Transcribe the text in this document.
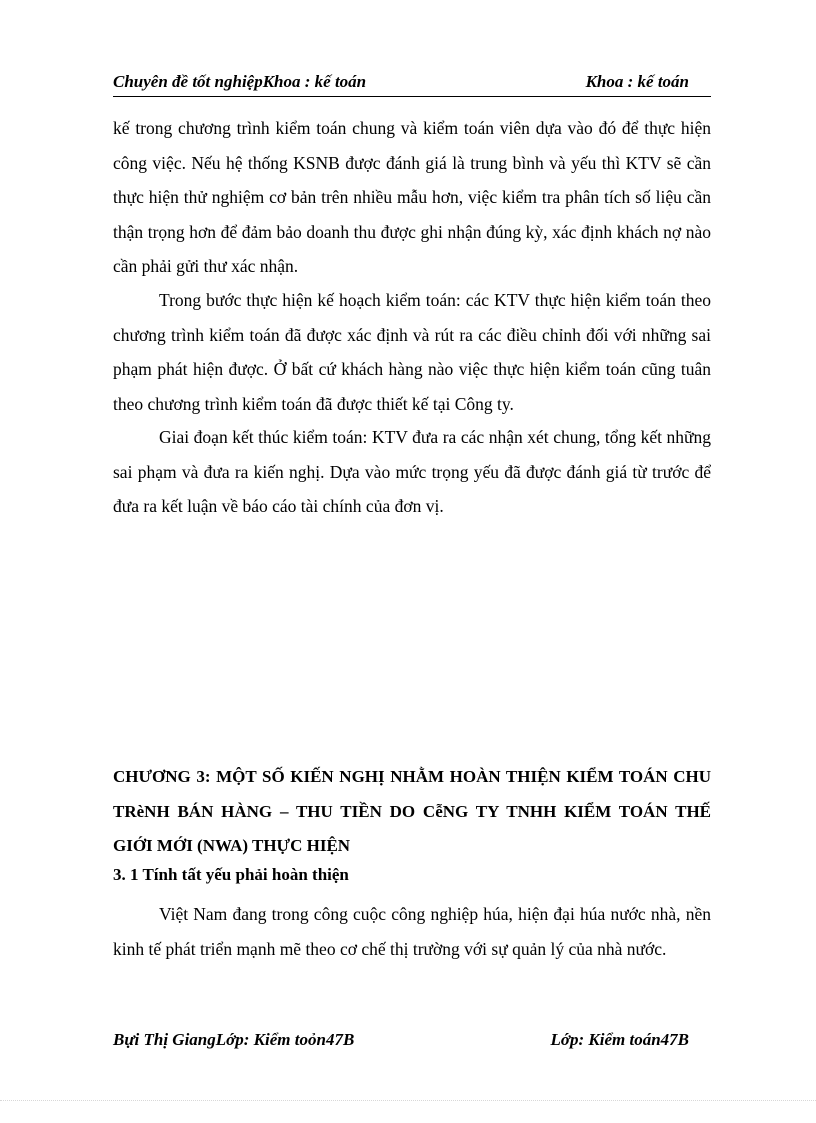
Chuyên đề tốt nghiệpKhoa : kế toán	Khoa : kế toán

kế trong chương trình kiểm toán chung và kiểm toán viên dựa vào đó để thực hiện công việc. Nếu hệ thống KSNB được đánh giá là trung bình và yếu thì KTV sẽ cần thực hiện thử nghiệm cơ bản trên nhiều mẫu hơn, việc kiểm tra phân tích số liệu cần thận trọng hơn để đảm bảo doanh thu được ghi nhận đúng kỳ, xác định khách nợ nào cần phải gửi thư xác nhận.

Trong bước thực hiện kế hoạch kiểm toán: các KTV thực hiện kiểm toán theo chương trình kiểm toán đã được xác định và rút ra các điều chỉnh đối với những sai phạm phát hiện được. Ở bất cứ khách hàng nào việc thực hiện kiểm toán cũng tuân theo chương trình kiểm toán đã được thiết kế tại Công ty.

Giai đoạn kết thúc kiểm toán: KTV đưa ra các nhận xét chung, tổng kết những sai phạm và đưa ra kiến nghị. Dựa vào mức trọng yếu đã được đánh giá từ trước để đưa ra kết luận về báo cáo tài chính của đơn vị.

CHƯƠNG 3: MỘT SỐ KIẾN NGHỊ NHẰM HOÀN THIỆN KIỂM TOÁN CHU TRèNH BÁN HÀNG – THU TIỀN DO CễNG TY TNHH KIỂM TOÁN THẾ GIỚI MỚI (NWA) THỰC HIỆN
3. 1 Tính tất yếu phải hoàn thiện

Việt Nam đang trong công cuộc công nghiệp húa, hiện đại húa nước nhà, nền kinh tế phát triển mạnh mẽ theo cơ chế thị trường với sự quản lý của nhà nước.

Bựi Thị GiangLớp: Kiểm toỏn47B	Lớp: Kiểm toán47B
